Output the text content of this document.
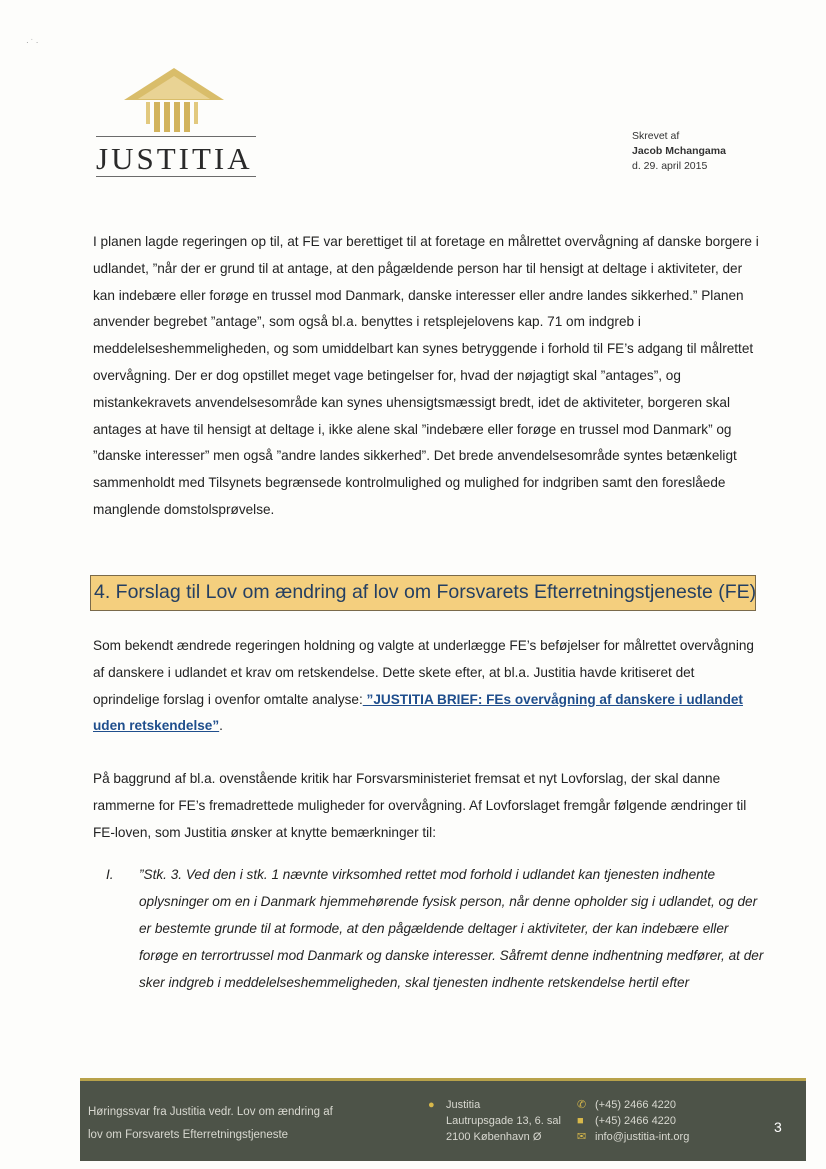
· ˙ ·
JUSTITIA
Skrevet af
Jacob Mchangama
d. 29. april 2015
I planen lagde regeringen op til, at FE var berettiget til at foretage en målrettet overvågning af danske borgere i udlandet, ”når der er grund til at antage, at den pågældende person har til hensigt at deltage i aktiviteter, der kan indebære eller forøge en trussel mod Danmark, danske interesser eller andre landes sikkerhed.” Planen anvender begrebet ”antage”, som også bl.a. benyttes i retsplejelovens kap. 71 om indgreb i meddelelseshemmeligheden, og som umiddelbart kan synes betryggende i forhold til FE’s adgang til målrettet overvågning. Der er dog opstillet meget vage betingelser for, hvad der nøjagtigt skal ”antages”, og mistankekravets anvendelsesområde kan synes uhensigtsmæssigt bredt, idet de aktiviteter, borgeren skal antages at have til hensigt at deltage i, ikke alene skal ”indebære eller forøge en trussel mod Danmark” og ”danske interesser” men også ”andre landes sikkerhed”. Det brede anvendelsesområde syntes betænkeligt sammenholdt med Tilsynets begrænsede kontrolmulighed og mulighed for indgriben samt den foreslåede manglende domstolsprøvelse.
4. Forslag til Lov om ændring af lov om Forsvarets Efterretningstjeneste (FE)
Som bekendt ændrede regeringen holdning og valgte at underlægge FE’s beføjelser for målrettet overvågning af danskere i udlandet et krav om retskendelse. Dette skete efter, at bl.a. Justitia havde kritiseret det oprindelige forslag i ovenfor omtalte analyse: ”JUSTITIA BRIEF: FEs overvågning af danskere i udlandet uden retskendelse”.
På baggrund af bl.a. ovenstående kritik har Forsvarsministeriet fremsat et nyt Lovforslag, der skal danne rammerne for FE’s fremadrettede muligheder for overvågning. Af Lovforslaget fremgår følgende ændringer til FE-loven, som Justitia ønsker at knytte bemærkninger til:
I. ”Stk. 3. Ved den i stk. 1 nævnte virksomhed rettet mod forhold i udlandet kan tjenesten indhente oplysninger om en i Danmark hjemmehørende fysisk person, når denne opholder sig i udlandet, og der er bestemte grunde til at formode, at den pågældende deltager i aktiviteter, der kan indebære eller forøge en terrortrussel mod Danmark og danske interesser. Såfremt denne indhentning medfører, at der sker indgreb i meddelelseshemmeligheden, skal tjenesten indhente retskendelse hertil efter
Høringssvar fra Justitia vedr. Lov om ændring af
lov om Forsvarets Efterretningstjeneste
● Justitia
Lautrupsgade 13, 6. sal
2100 København Ø
✆ (+45) 2466 4220
■ (+45) 2466 4220
✉ info@justitia-int.org
3
